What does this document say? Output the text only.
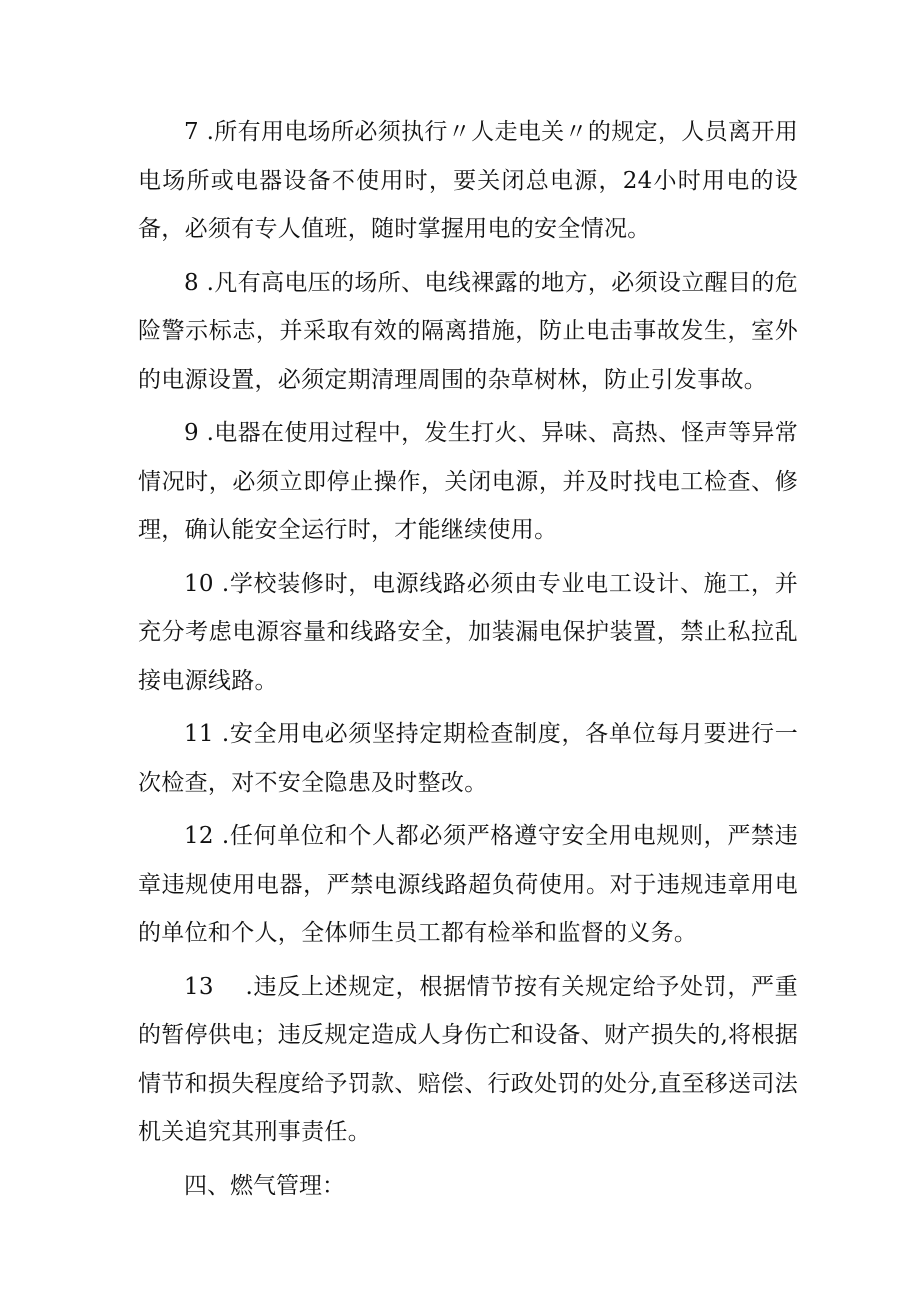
7 .所有用电场所必须执行〃人走电关〃的规定，人员离开用电场所或电器设备不使用时，要关闭总电源，24小时用电的设备，必须有专人值班，随时掌握用电的安全情况。

8 .凡有高电压的场所、电线裸露的地方，必须设立醒目的危险警示标志，并采取有效的隔离措施，防止电击事故发生，室外的电源设置，必须定期清理周围的杂草树林，防止引发事故。

9 .电器在使用过程中，发生打火、异味、高热、怪声等异常情况时，必须立即停止操作，关闭电源，并及时找电工检查、修理，确认能安全运行时，才能继续使用。

10 .学校装修时，电源线路必须由专业电工设计、施工，并充分考虑电源容量和线路安全，加装漏电保护装置，禁止私拉乱接电源线路。

11 .安全用电必须坚持定期检查制度，各单位每月要进行一次检查，对不安全隐患及时整改。

12 .任何单位和个人都必须严格遵守安全用电规则，严禁违章违规使用电器，严禁电源线路超负荷使用。对于违规违章用电的单位和个人，全体师生员工都有检举和监督的义务。

13 　.违反上述规定，根据情节按有关规定给予处罚，严重的暂停供电；违反规定造成人身伤亡和设备、财产损失的,将根据情节和损失程度给予罚款、赔偿、行政处罚的处分,直至移送司法机关追究其刑事责任。

四、燃气管理：
